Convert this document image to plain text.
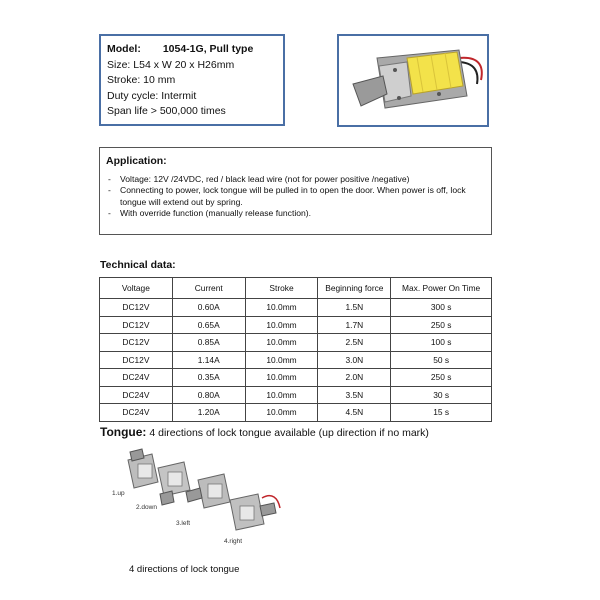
Model: 1054-1G, Pull type
Size: L54 x W 20 x H26mm
Stroke: 10 mm
Duty cycle: Intermit
Span life > 500,000 times
Application:
- Voltage: 12V /24VDC, red / black lead wire (not for power positive /negative)
- Connecting to power, lock tongue will be pulled in to open the door. When power is off, lock tongue will extend out by spring.
- With override function (manually release function).
Technical data:
Voltage	Current	Stroke	Beginning force	Max. Power On Time
DC12V	0.60A	10.0mm	1.5N	300 s
DC12V	0.65A	10.0mm	1.7N	250 s
DC12V	0.85A	10.0mm	2.5N	100 s
DC12V	1.14A	10.0mm	3.0N	50 s
DC24V	0.35A	10.0mm	2.0N	250 s
DC24V	0.80A	10.0mm	3.5N	30 s
DC24V	1.20A	10.0mm	4.5N	15 s
Tongue: 4 directions of lock tongue available (up direction if no mark)
1.up
2.down
3.left
4.right
4 directions of lock tongue
